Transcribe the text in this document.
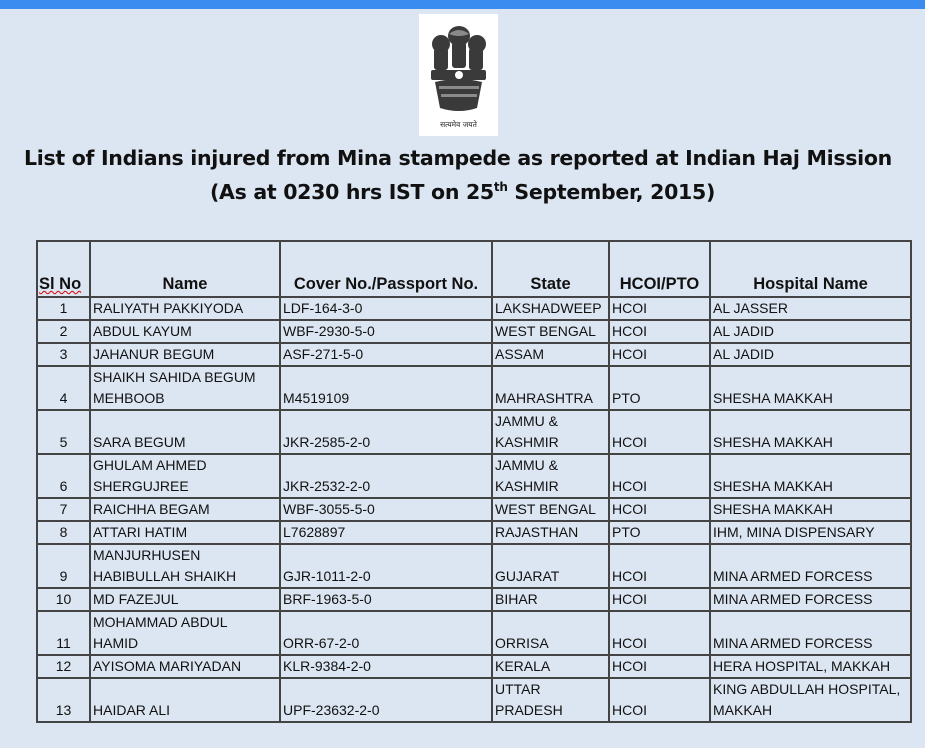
सत्यमेव जयते
List of Indians injured from Mina stampede as reported at Indian Haj Mission
(As at 0230 hrs IST on 25th September, 2015)
Sl No	Name	Cover No./Passport No.	State	HCOI/PTO	Hospital Name
1	RALIYATH PAKKIYODA	LDF-164-3-0	LAKSHADWEEP	HCOI	AL JASSER

2	ABDUL KAYUM	WBF-2930-5-0	WEST BENGAL	HCOI	AL JADID

3	JAHANUR BEGUM	ASF-271-5-0	ASSAM	HCOI	AL JADID

4	SHAIKH SAHIDA BEGUM
MEHBOOB	M4519109	MAHRASHTRA	PTO	SHESHA MAKKAH

5	SARA BEGUM	JKR-2585-2-0	JAMMU &
KASHMIR	HCOI	SHESHA MAKKAH

6	GHULAM AHMED
SHERGUJREE	JKR-2532-2-0	JAMMU &
KASHMIR	HCOI	SHESHA MAKKAH

7	RAICHHA BEGAM	WBF-3055-5-0	WEST BENGAL	HCOI	SHESHA MAKKAH

8	ATTARI HATIM	L7628897	RAJASTHAN	PTO	IHM, MINA DISPENSARY

9	MANJURHUSEN
HABIBULLAH SHAIKH	GJR-1011-2-0	GUJARAT	HCOI	MINA ARMED FORCESS

10	MD FAZEJUL	BRF-1963-5-0	BIHAR	HCOI	MINA ARMED FORCESS

11	MOHAMMAD ABDUL
HAMID	ORR-67-2-0	ORRISA	HCOI	MINA ARMED FORCESS

12	AYISOMA MARIYADAN	KLR-9384-2-0	KERALA	HCOI	HERA HOSPITAL, MAKKAH

13	HAIDAR ALI	UPF-23632-2-0	UTTAR
PRADESH	HCOI	KING ABDULLAH HOSPITAL,
MAKKAH
